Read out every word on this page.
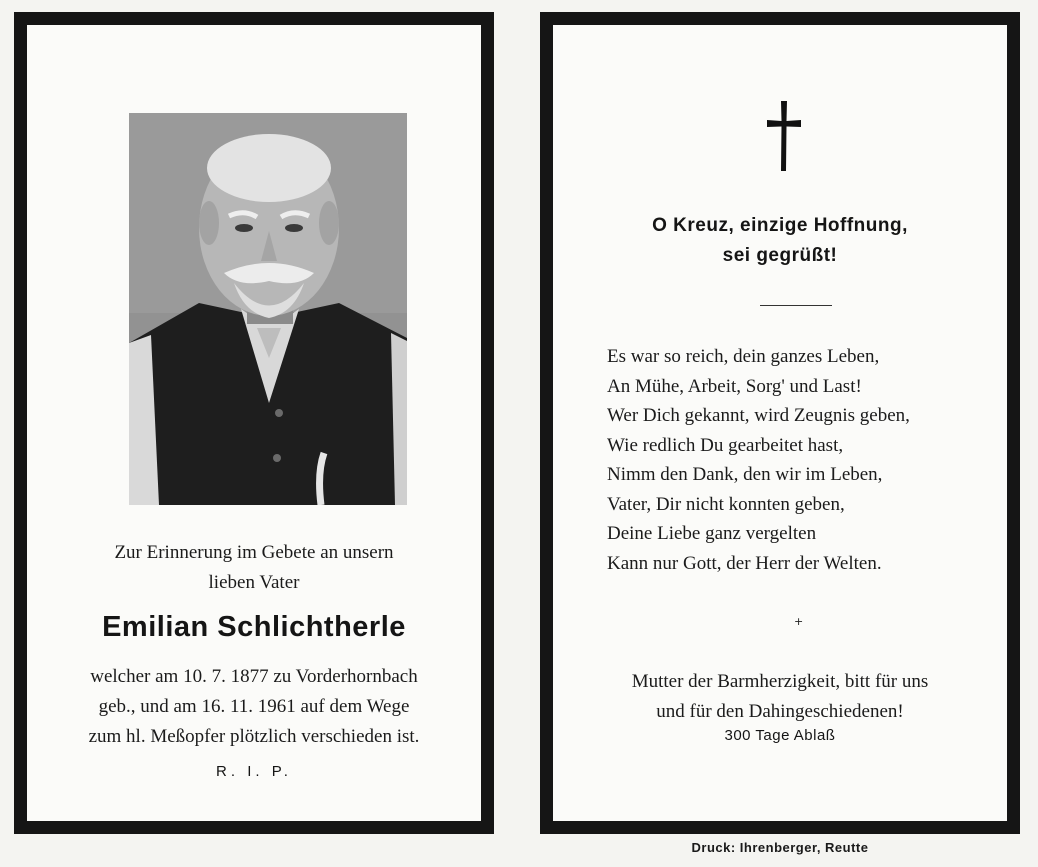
Zur Erinnerung im Gebete an unsern
lieben Vater
Emilian Schlichtherle
welcher am 10. 7. 1877 zu Vorderhornbach
geb., und am 16. 11. 1961 auf dem Wege
zum hl. Meßopfer plötzlich verschieden ist.
R. I. P.
O Kreuz, einzige Hoffnung,
sei gegrüßt!
Es war so reich, dein ganzes Leben,
An Mühe, Arbeit, Sorg' und Last!
Wer Dich gekannt, wird Zeugnis geben,
Wie redlich Du gearbeitet hast,
Nimm den Dank, den wir im Leben,
Vater, Dir nicht konnten geben,
Deine Liebe ganz vergelten
Kann nur Gott, der Herr der Welten.
+
Mutter der Barmherzigkeit, bitt für uns
und für den Dahingeschiedenen!
300 Tage Ablaß
Druck: Ihrenberger, Reutte
